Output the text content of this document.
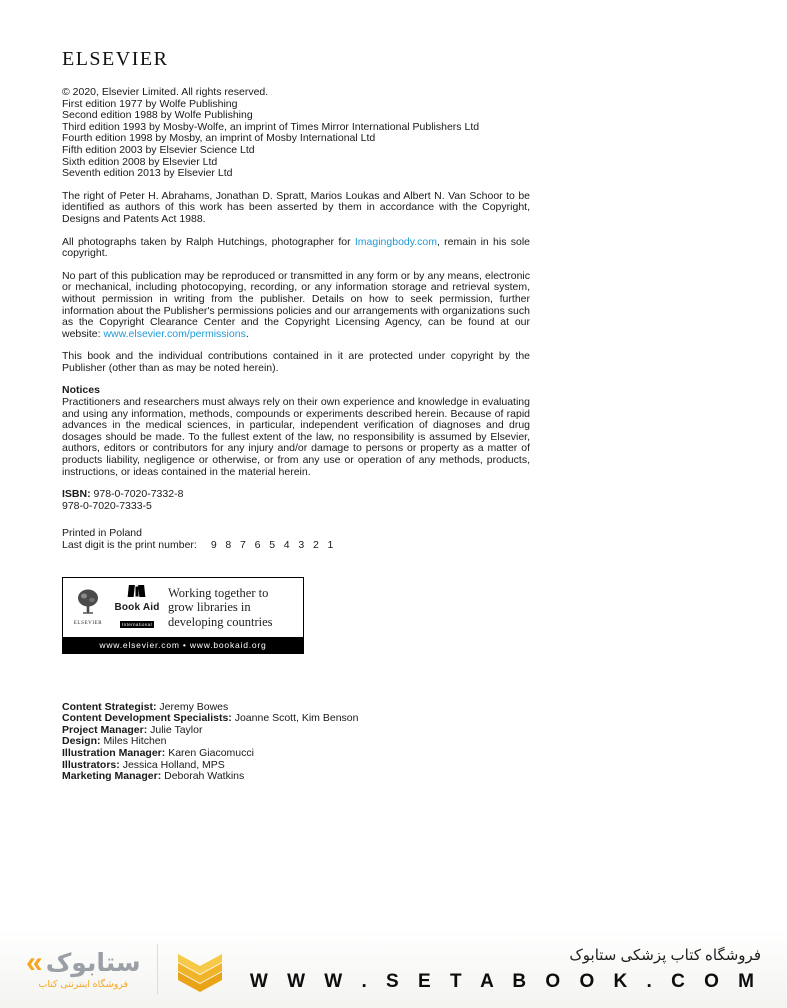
ELSEVIER
© 2020, Elsevier Limited. All rights reserved.
First edition 1977 by Wolfe Publishing
Second edition 1988 by Wolfe Publishing
Third edition 1993 by Mosby-Wolfe, an imprint of Times Mirror International Publishers Ltd
Fourth edition 1998 by Mosby, an imprint of Mosby International Ltd
Fifth edition 2003 by Elsevier Science Ltd
Sixth edition 2008 by Elsevier Ltd
Seventh edition 2013 by Elsevier Ltd

The right of Peter H. Abrahams, Jonathan D. Spratt, Marios Loukas and Albert N. Van Schoor to be identified as authors of this work has been asserted by them in accordance with the Copyright, Designs and Patents Act 1988.

All photographs taken by Ralph Hutchings, photographer for Imagingbody.com, remain in his sole copyright.

No part of this publication may be reproduced or transmitted in any form or by any means, electronic or mechanical, including photocopying, recording, or any information storage and retrieval system, without permission in writing from the publisher. Details on how to seek permission, further information about the Publisher's permissions policies and our arrangements with organizations such as the Copyright Clearance Center and the Copyright Licensing Agency, can be found at our website: www.elsevier.com/permissions.

This book and the individual contributions contained in it are protected under copyright by the Publisher (other than as may be noted herein).

Notices

Practitioners and researchers must always rely on their own experience and knowledge in evaluating and using any information, methods, compounds or experiments described herein. Because of rapid advances in the medical sciences, in particular, independent verification of diagnoses and drug dosages should be made. To the fullest extent of the law, no responsibility is assumed by Elsevier, authors, editors or contributors for any injury and/or damage to persons or property as a matter of products liability, negligence or otherwise, or from any use or operation of any methods, products, instructions, or ideas contained in the material herein.

ISBN: 978-0-7020-7332-8
978-0-7020-7333-5
Printed in Poland
Last digit is the print number: 9   8   7   6   5   4   3   2   1
ELSEVIER
Book Aid
International
Working together to grow libraries in developing countries
www.elsevier.com • www.bookaid.org
Content Strategist: Jeremy Bowes
Content Development Specialists: Joanne Scott, Kim Benson
Project Manager: Julie Taylor
Design: Miles Hitchen
Illustration Manager: Karen Giacomucci
Illustrators: Jessica Holland, MPS
Marketing Manager: Deborah Watkins
« ستابوک
فروشگاه اینترنتی کتاب
فروشگاه کتاب پزشکی ستابوک
W W W . S E T A B O O K . C O M
